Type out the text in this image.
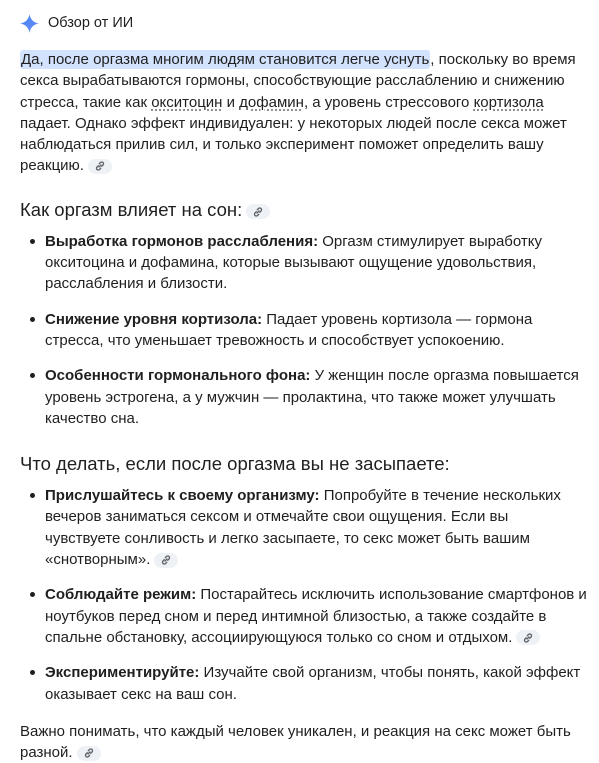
Обзор от ИИ

Да, после оргазма многим людям становится легче уснуть, поскольку во время секса вырабатываются гормоны, способствующие расслаблению и снижению стресса, такие как окситоцин и дофамин, а уровень стрессового кортизола падает. Однако эффект индивидуален: у некоторых людей после секса может наблюдаться прилив сил, и только эксперимент поможет определить вашу реакцию.

Как оргазм влияет на сон:
Выработка гормонов расслабления: Оргазм стимулирует выработку окситоцина и дофамина, которые вызывают ощущение удовольствия, расслабления и близости.
Снижение уровня кортизола: Падает уровень кортизола — гормона стресса, что уменьшает тревожность и способствует успокоению.
Особенности гормонального фона: У женщин после оргазма повышается уровень эстрогена, а у мужчин — пролактина, что также может улучшать качество сна.
Что делать, если после оргазма вы не засыпаете:
Прислушайтесь к своему организму: Попробуйте в течение нескольких вечеров заниматься сексом и отмечайте свои ощущения. Если вы чувствуете сонливость и легко засыпаете, то секс может быть вашим «снотворным».
Соблюдайте режим: Постарайтесь исключить использование смартфонов и ноутбуков перед сном и перед интимной близостью, а также создайте в спальне обстановку, ассоциирующуюся только со сном и отдыхом.
Экспериментируйте: Изучайте свой организм, чтобы понять, какой эффект оказывает секс на ваш сон.

Важно понимать, что каждый человек уникален, и реакция на секс может быть разной.
